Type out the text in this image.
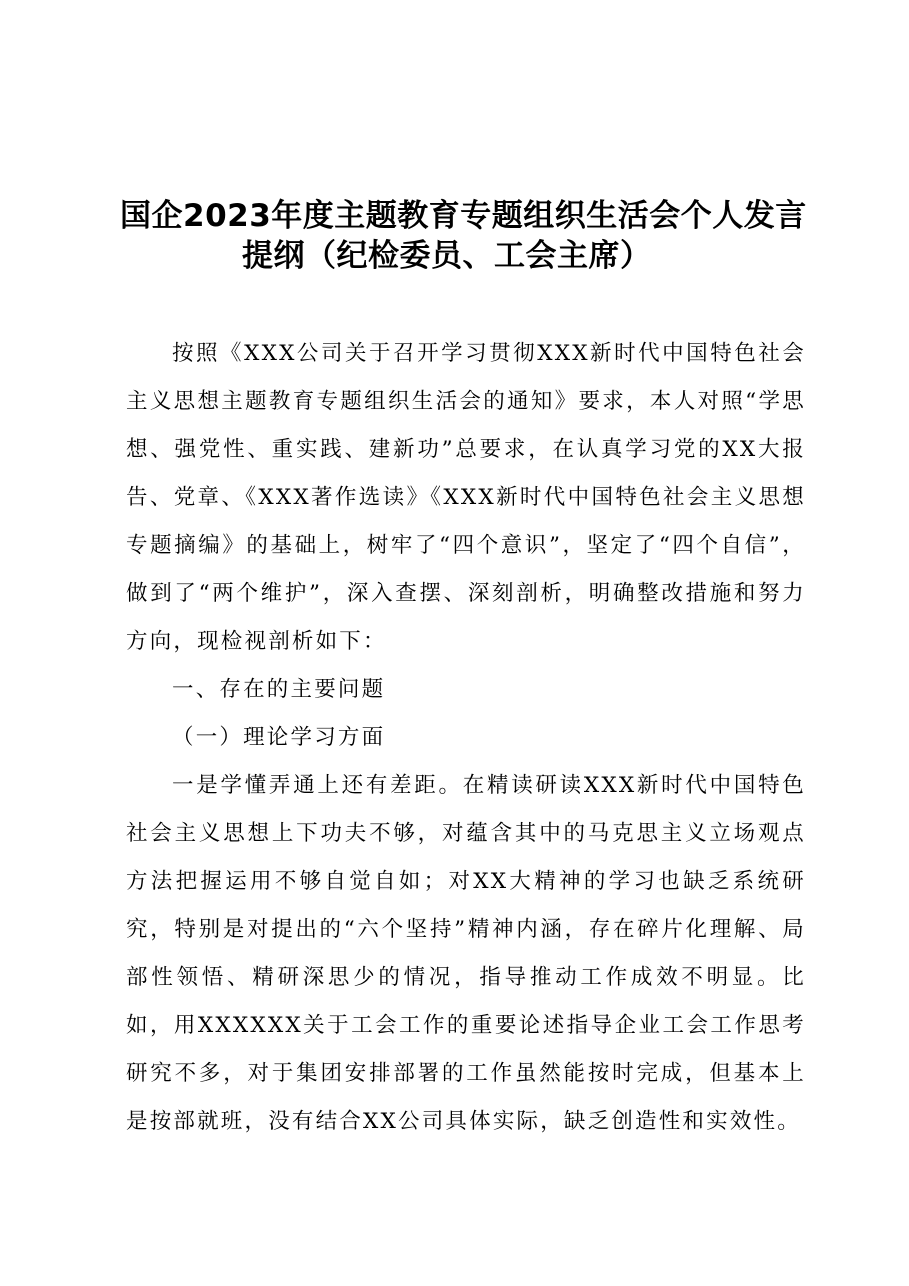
国企2023年度主题教育专题组织生活会个人发言
提纲（纪检委员、工会主席）

按照《XXX公司关于召开学习贯彻XXX新时代中国特色社会主义思想主题教育专题组织生活会的通知》要求，本人对照“学思想、强党性、重实践、建新功”总要求，在认真学习党的XX大报告、党章、《XXX著作选读》《XXX新时代中国特色社会主义思想专题摘编》的基础上，树牢了“四个意识”，坚定了“四个自信”，做到了“两个维护”，深入查摆、深刻剖析，明确整改措施和努力方向，现检视剖析如下：

一、存在的主要问题

（一）理论学习方面

一是学懂弄通上还有差距。在精读研读XXX新时代中国特色社会主义思想上下功夫不够，对蕴含其中的马克思主义立场观点方法把握运用不够自觉自如；对XX大精神的学习也缺乏系统研究，特别是对提出的“六个坚持”精神内涵，存在碎片化理解、局部性领悟、精研深思少的情况，指导推动工作成效不明显。比如，用XXXXXX关于工会工作的重要论述指导企业工会工作思考研究不多，对于集团安排部署的工作虽然能按时完成，但基本上是按部就班，没有结合XX公司具体实际，缺乏创造性和实效性。
